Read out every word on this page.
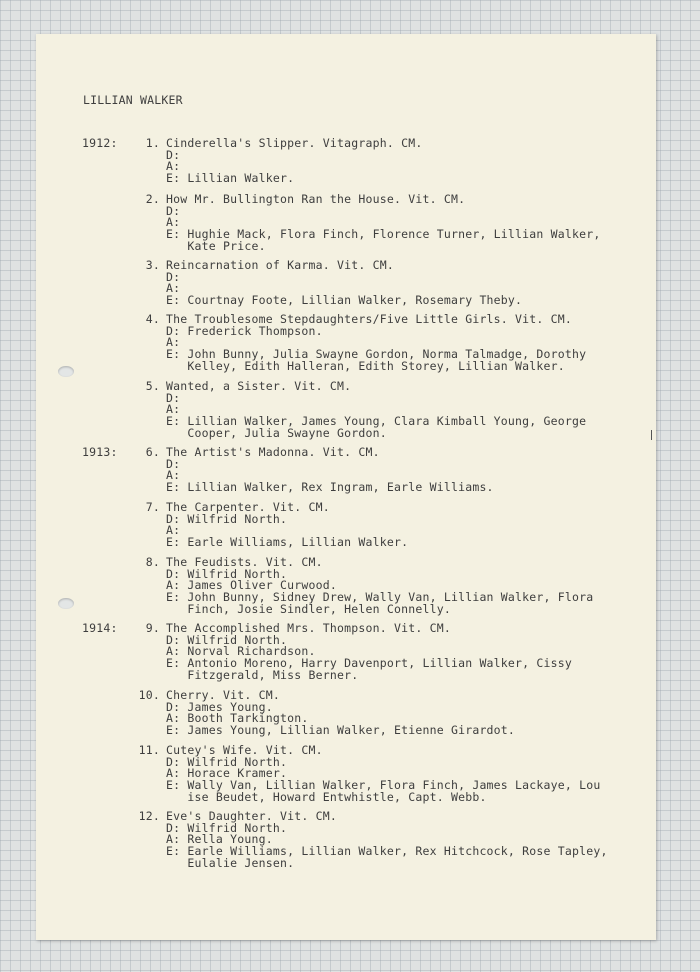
LILLIAN WALKER
1912:	1. Cinderella's Slipper. Vitagraph. CM.
D:
A:
E: Lillian Walker.
2. How Mr. Bullington Ran the House. Vit. CM.
D:
A:
E: Hughie Mack, Flora Finch, Florence Turner, Lillian Walker,
Kate Price.
3. Reincarnation of Karma. Vit. CM.
D:
A:
E: Courtnay Foote, Lillian Walker, Rosemary Theby.
4. The Troublesome Stepdaughters/Five Little Girls. Vit. CM.
D: Frederick Thompson.
A:
E: John Bunny, Julia Swayne Gordon, Norma Talmadge, Dorothy
Kelley, Edith Halleran, Edith Storey, Lillian Walker.
5. Wanted, a Sister. Vit. CM.
D:
A:
E: Lillian Walker, James Young, Clara Kimball Young, George
Cooper, Julia Swayne Gordon.
1913:	6. The Artist's Madonna. Vit. CM.
D:
A:
E: Lillian Walker, Rex Ingram, Earle Williams.
7. The Carpenter. Vit. CM.
D: Wilfrid North.
A:
E: Earle Williams, Lillian Walker.
8. The Feudists. Vit. CM.
D: Wilfrid North.
A: James Oliver Curwood.
E: John Bunny, Sidney Drew, Wally Van, Lillian Walker, Flora
Finch, Josie Sindler, Helen Connelly.
1914:	9. The Accomplished Mrs. Thompson. Vit. CM.
D: Wilfrid North.
A: Norval Richardson.
E: Antonio Moreno, Harry Davenport, Lillian Walker, Cissy
Fitzgerald, Miss Berner.
10. Cherry. Vit. CM.
D: James Young.
A: Booth Tarkington.
E: James Young, Lillian Walker, Etienne Girardot.
11. Cutey's Wife. Vit. CM.
D: Wilfrid North.
A: Horace Kramer.
E: Wally Van, Lillian Walker, Flora Finch, James Lackaye, Lou
ise Beudet, Howard Entwhistle, Capt. Webb.
12. Eve's Daughter. Vit. CM.
D: Wilfrid North.
A: Rella Young.
E: Earle Williams, Lillian Walker, Rex Hitchcock, Rose Tapley,
Eulalie Jensen.
